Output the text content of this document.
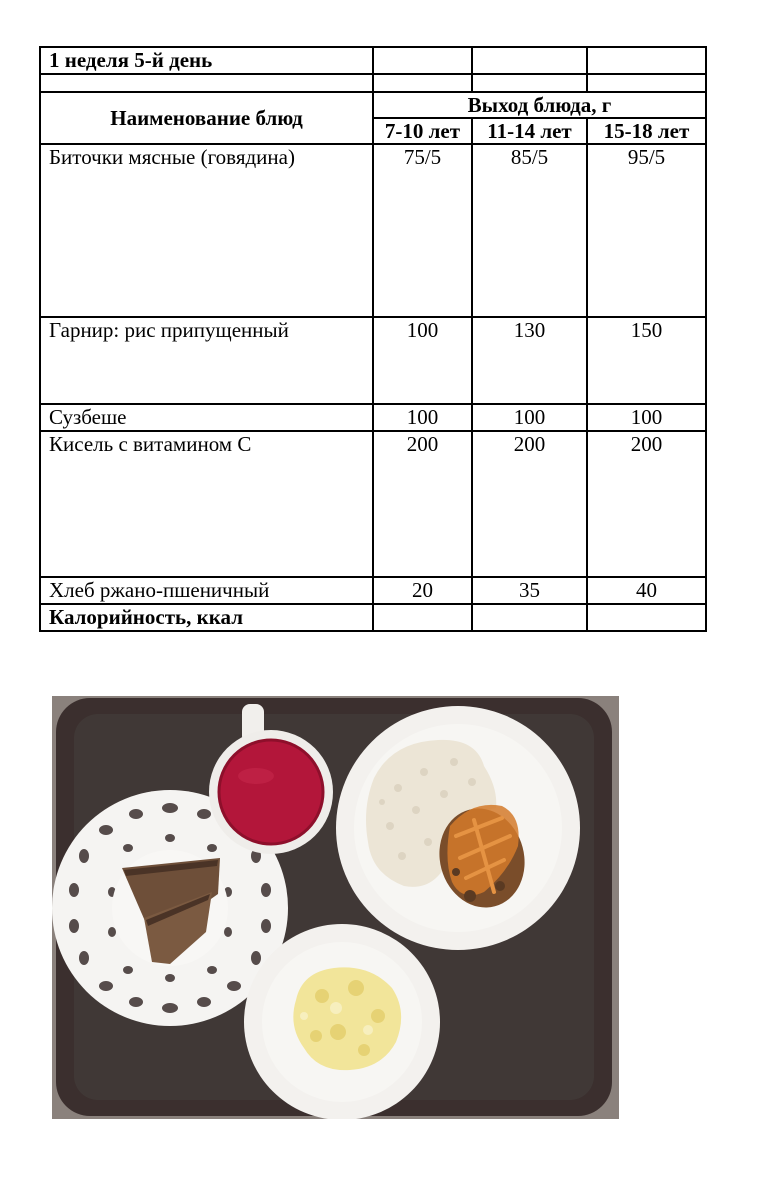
1 неделя 5-й день			

Наименование блюд	Выход блюда, г		
	7-10 лет	11-14 лет	15-18 лет
Биточки мясные (говядина)	75/5	85/5	95/5
Гарнир: рис припущенный	100	130	150
Сузбеше	100	100	100
Кисель с витамином С	200	200	200
Хлеб ржано-пшеничный	20	35	40
Калорийность, ккал			
